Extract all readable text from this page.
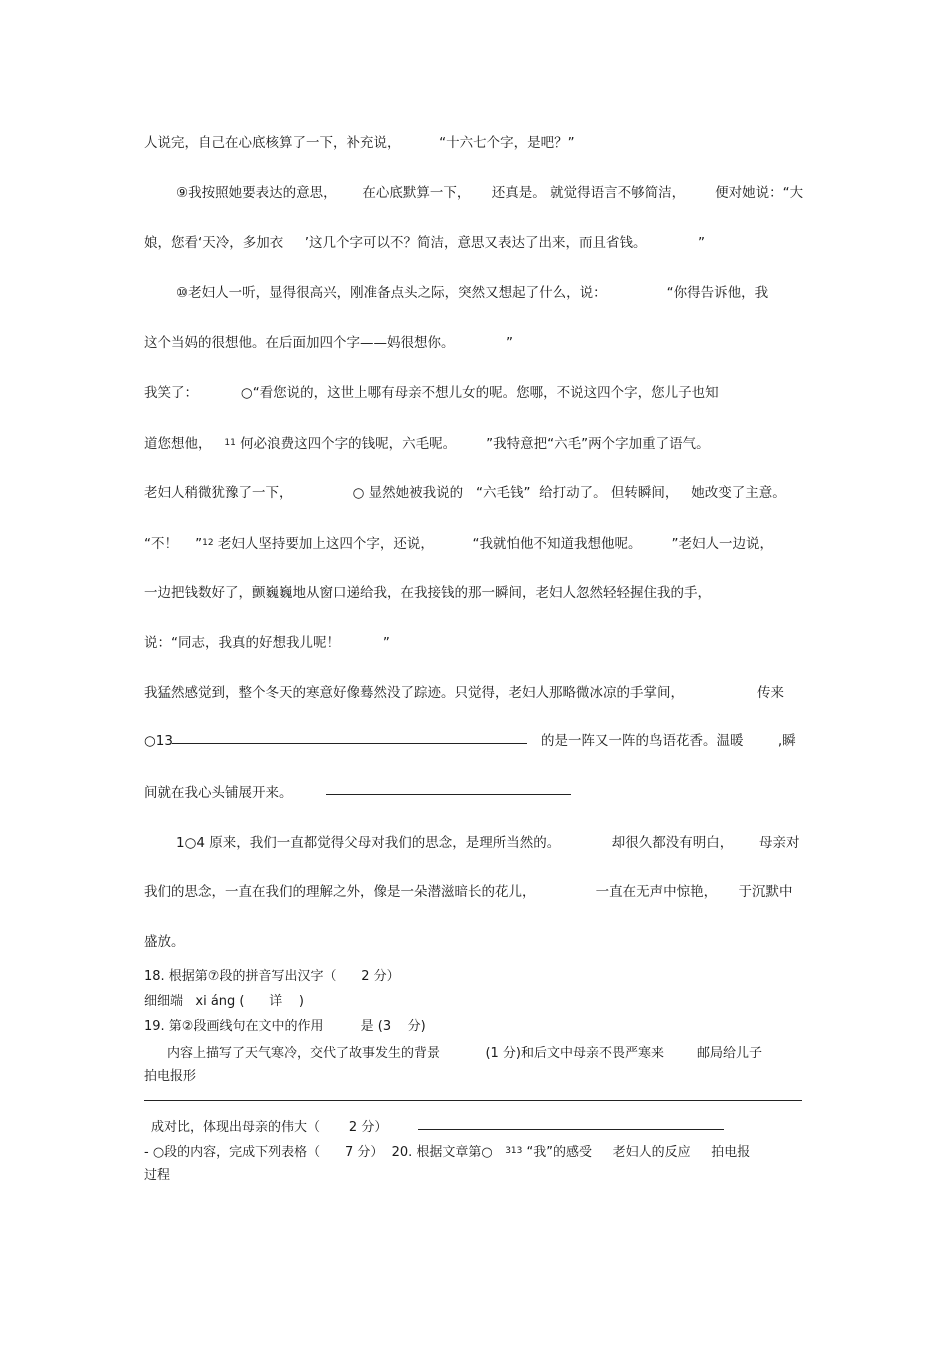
人说完，自己在心底核算了一下，补充说，         “十六七个字，是吧？”
⑨我按照她要表达的意思，      在心底默算一下，     还真是。 就觉得语言不够简洁，       便对她说：“大
娘，您看‘天冷，多加衣     ’这几个字可以不？简洁，意思又表达了出来，而且省钱。            ”
⑩老妇人一听，显得很高兴，刚准备点头之际，突然又想起了什么，说：              “你得告诉他，我
这个当妈的很想他。在后面加四个字——妈很想你。            ”
我笑了：          ○“看您说的，这世上哪有母亲不想儿女的呢。您哪，不说这四个字，您儿子也知
道您想他，   $^{11}$ 何必浪费这四个字的钱呢，六毛呢。       ”我特意把“六毛”两个字加重了语气。
老妇人稍微犹豫了一下，              ○ 显然她被我说的   “六毛钱”  给打动了。 但转瞬间，   她改变了主意。
“不！    ”$^{12}$ 老妇人坚持要加上这四个字，还说，         “我就怕他不知道我想他呢。       ”老妇人一边说，
一边把钱数好了，颤巍巍地从窗口递给我，在我接钱的那一瞬间，老妇人忽然轻轻握住我的手，
说：“同志，我真的好想我儿呢！          ”
我猛然感觉到，整个冬天的寒意好像蓦然没了踪迹。只觉得，老妇人那略微冰凉的手掌间，                 传来
○13	的是一阵又一阵的鸟语花香。温暖        ,瞬
间就在我心头铺展开来。
1○4 原来，我们一直都觉得父母对我们的思念，是理所当然的。            却很久都没有明白，      母亲对
我们的思念，一直在我们的理解之外，像是一朵潜滋暗长的花儿，              一直在无声中惊艳，     于沉默中
盛放。
18. 根据第⑦段的拼音写出汉字（      2 分）
细细端   xi áng (      详    )
19. 第②段画线句在文中的作用         是 (3    分)
内容上描写了天气寒冷，交代了故事发生的背景           (1 分)和后文中母亲不畏严寒来        邮局给儿子
拍电报形
成对比，体现出母亲的伟大（       2 分）
- ○段的内容，完成下列表格（      7 分）  20. 根据文章第○   $^{313}$ “我”的感受     老妇人的反应     拍电报
过程
